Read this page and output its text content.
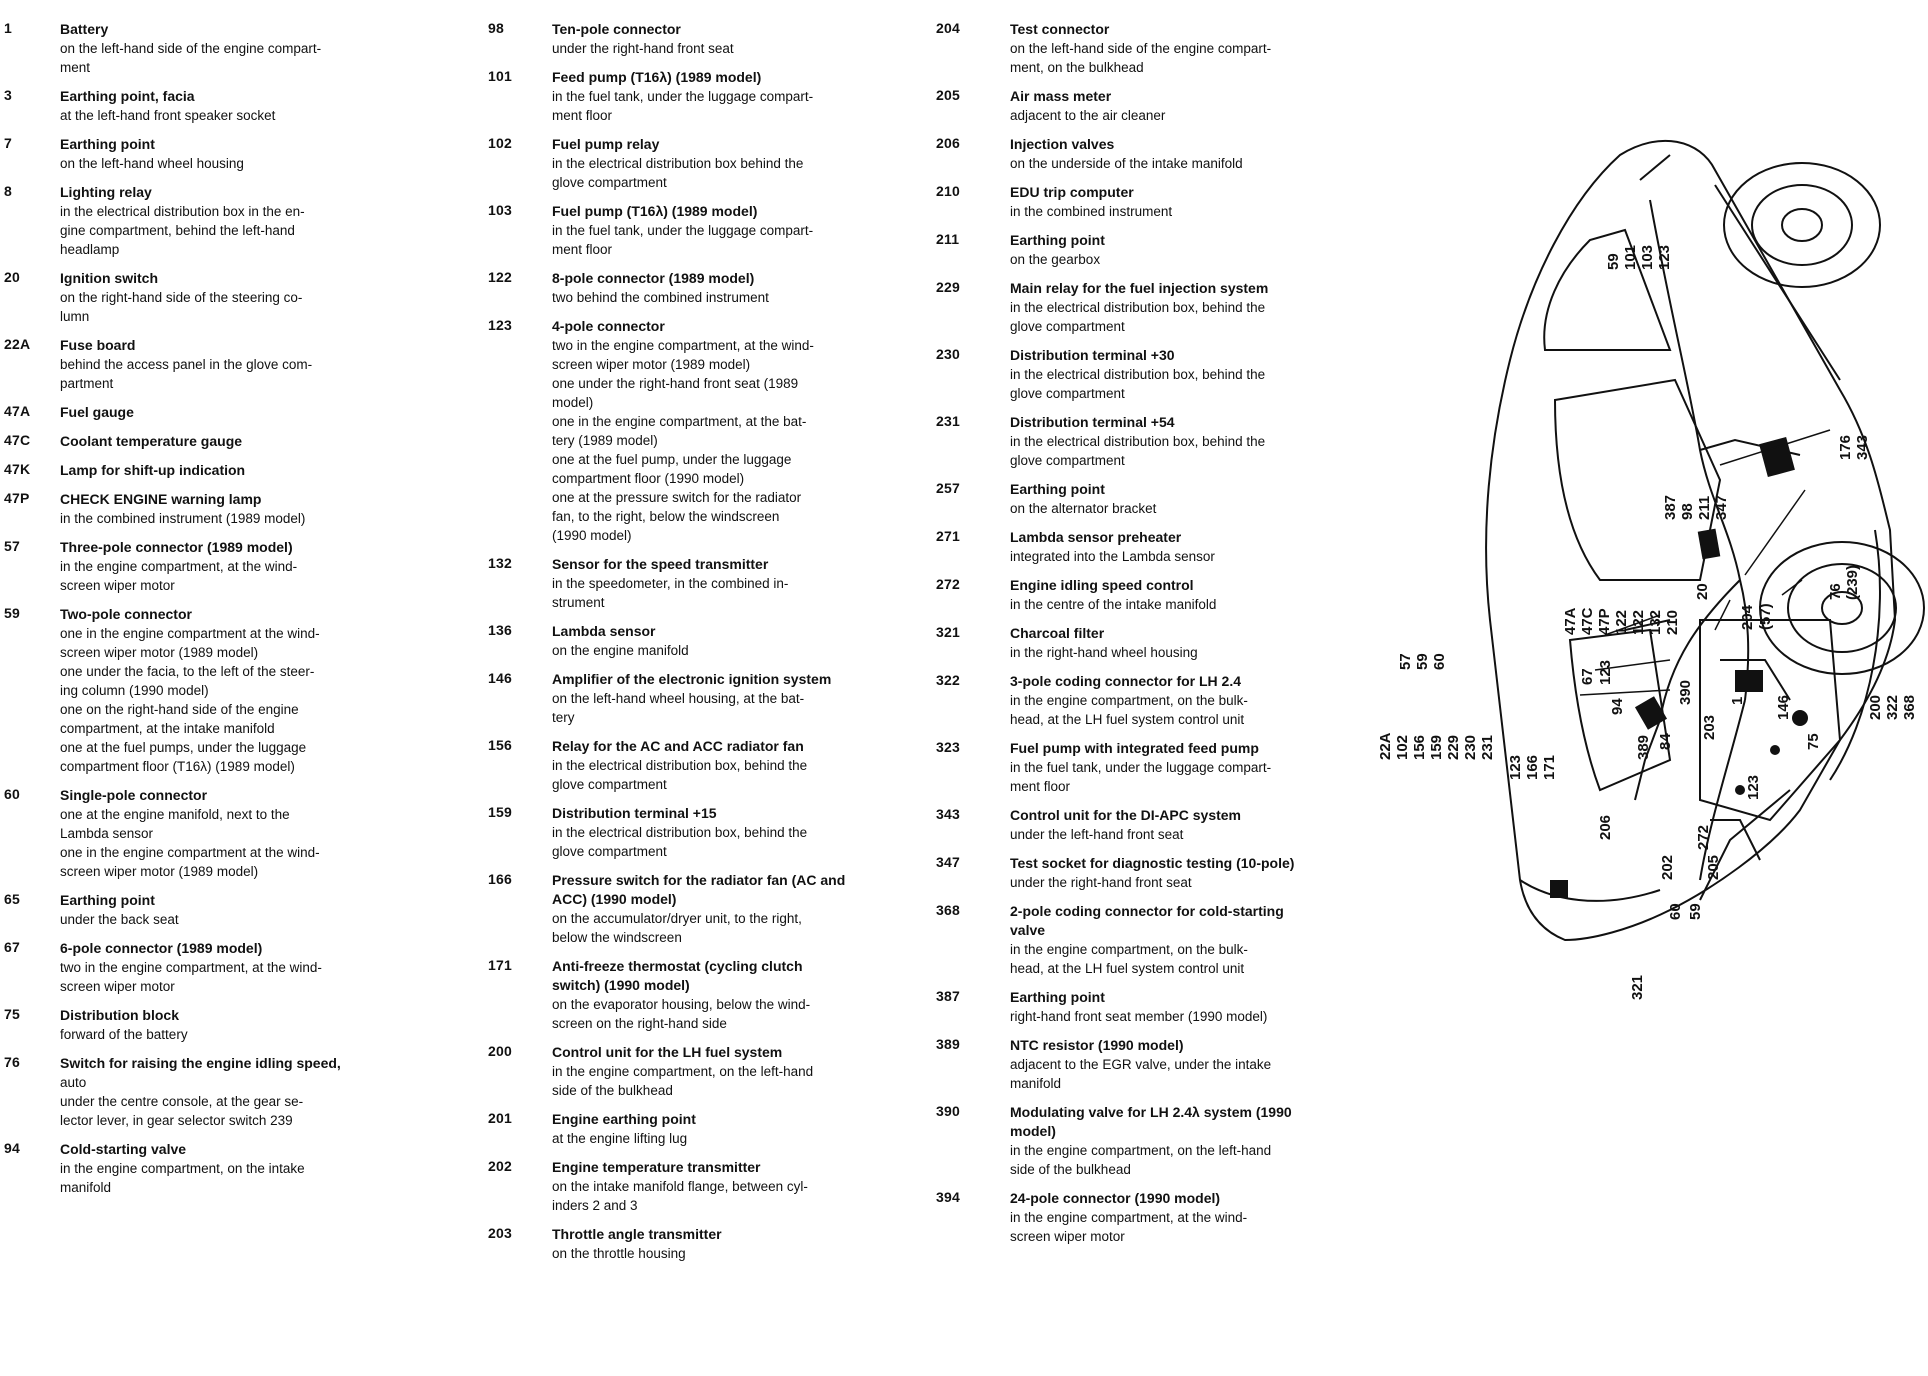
1	Battery
on the left-hand side of the engine compart-
ment
3	Earthing point, facia
at the left-hand front speaker socket
7	Earthing point
on the left-hand wheel housing
8	Lighting relay
in the electrical distribution box in the en-
gine compartment, behind the left-hand
headlamp
20	Ignition switch
on the right-hand side of the steering co-
lumn
22A Fuse board
behind the access panel in the glove com-
partment
47A Fuel gauge
47C Coolant temperature gauge
47K Lamp for shift-up indication
47P CHECK ENGINE warning lamp
in the combined instrument (1989 model)
57	Three-pole connector (1989 model)
in the engine compartment, at the wind-
screen wiper motor
59	Two-pole connector
one in the engine compartment at the wind-
screen wiper motor (1989 model)
one under the facia, to the left of the steer-
ing column (1990 model)
one on the right-hand side of the engine
compartment, at the intake manifold
one at the fuel pumps, under the luggage
compartment floor (T16λ) (1989 model)
60	Single-pole connector
one at the engine manifold, next to the
Lambda sensor
one in the engine compartment at the wind-
screen wiper motor (1989 model)
65	Earthing point
under the back seat
67	6-pole connector (1989 model)
two in the engine compartment, at the wind-
screen wiper motor
75	Distribution block
forward of the battery
76	Switch for raising the engine idling speed,
auto
under the centre console, at the gear se-
lector lever, in gear selector switch 239
94	Cold-starting valve
in the engine compartment, on the intake
manifold
98	Ten-pole connector
under the right-hand front seat
101	Feed pump (T16λ) (1989 model)
in the fuel tank, under the luggage compart-
ment floor
102	Fuel pump relay
in the electrical distribution box behind the
glove compartment
103	Fuel pump (T16λ) (1989 model)
in the fuel tank, under the luggage compart-
ment floor
122	8-pole connector (1989 model)
two behind the combined instrument
123	4-pole connector
two in the engine compartment, at the wind-
screen wiper motor (1989 model)
one under the right-hand front seat (1989
model)
one in the engine compartment, at the bat-
tery (1989 model)
one at the fuel pump, under the luggage
compartment floor (1990 model)
one at the pressure switch for the radiator
fan, to the right, below the windscreen
(1990 model)
132	Sensor for the speed transmitter
in the speedometer, in the combined in-
strument
136	Lambda sensor
on the engine manifold
146	Amplifier of the electronic ignition system
on the left-hand wheel housing, at the bat-
tery
156	Relay for the AC and ACC radiator fan
in the electrical distribution box, behind the
glove compartment
159	Distribution terminal +15
in the electrical distribution box, behind the
glove compartment
166	Pressure switch for the radiator fan (AC and
ACC) (1990 model)
on the accumulator/dryer unit, to the right,
below the windscreen
171	Anti-freeze thermostat (cycling clutch
switch) (1990 model)
on the evaporator housing, below the wind-
screen on the right-hand side
200	Control unit for the LH fuel system
in the engine compartment, on the left-hand
side of the bulkhead
201	Engine earthing point
at the engine lifting lug
202	Engine temperature transmitter
on the intake manifold flange, between cyl-
inders 2 and 3
203	Throttle angle transmitter
on the throttle housing
204	Test connector
on the left-hand side of the engine compart-
ment, on the bulkhead
205	Air mass meter
adjacent to the air cleaner
206	Injection valves
on the underside of the intake manifold
210	EDU trip computer
in the combined instrument
211	Earthing point
on the gearbox
229	Main relay for the fuel injection system
in the electrical distribution box, behind the
glove compartment
230	Distribution terminal +30
in the electrical distribution box, behind the
glove compartment
231	Distribution terminal +54
in the electrical distribution box, behind the
glove compartment
257	Earthing point
on the alternator bracket
271	Lambda sensor preheater
integrated into the Lambda sensor
272	Engine idling speed control
in the centre of the intake manifold
321	Charcoal filter
in the right-hand wheel housing
322	3-pole coding connector for LH 2.4
in the engine compartment, on the bulk-
head, at the LH fuel system control unit
323	Fuel pump with integrated feed pump
in the fuel tank, under the luggage compart-
ment floor
343	Control unit for the DI-APC system
under the left-hand front seat
347	Test socket for diagnostic testing (10-pole)
under the right-hand front seat
368	2-pole coding connector for cold-starting
valve
in the engine compartment, on the bulk-
head, at the LH fuel system control unit
387	Earthing point
right-hand front seat member (1990 model)
389	NTC resistor (1990 model)
adjacent to the EGR valve, under the intake
manifold
390	Modulating valve for LH 2.4λ system (1990
model)
in the engine compartment, on the left-hand
side of the bulkhead
394	24-pole connector (1990 model)
in the engine compartment, at the wind-
screen wiper motor
575960
22A102156159229230231
123166171
200322368
59101103123
176343
76(239)
47A47C47P122122132210
38798211347
204 (57)
20
67 123
94
389 84
390
203
1 146
75
123
206
202
272
205
60 59
321
